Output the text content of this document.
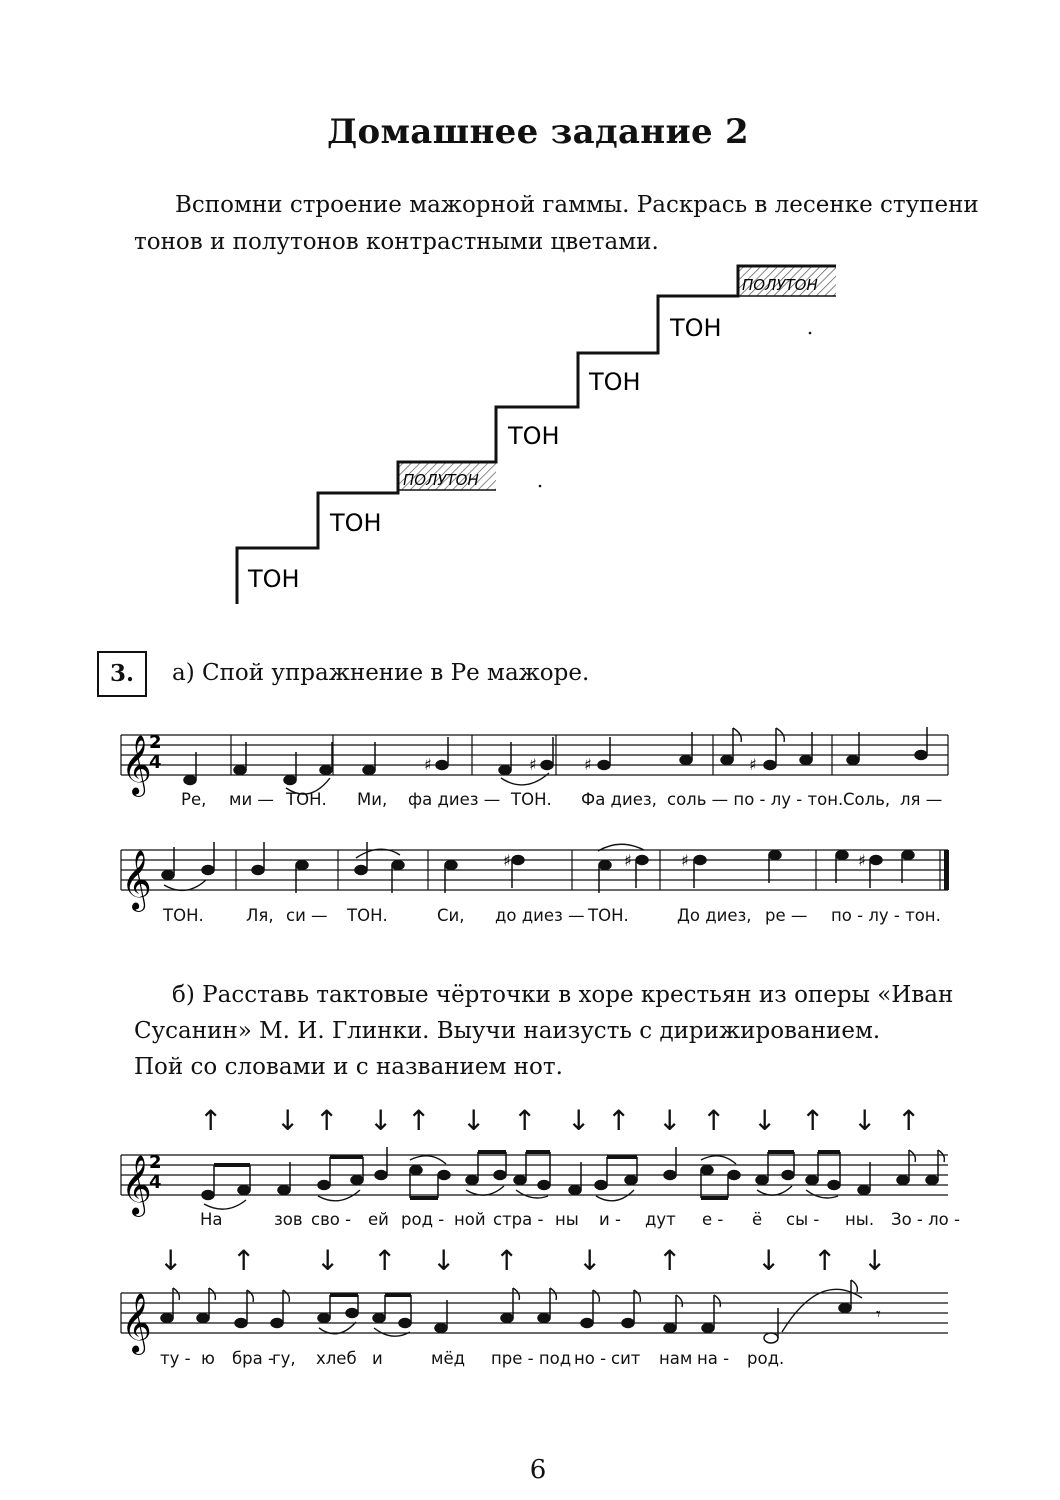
Домашнее задание 2
Вспомни строение мажорной гаммы. Раскрась в лесенке ступени
тонов и полутонов контрастными цветами.
ТОН
ТОН
ПОЛУТОН
ТОН
ТОН
ТОН
ПОЛУТОН
3.	а) Спой упражнение в Ре мажоре.
𝄞
2
4	♯	♯	♯	♯
Ре, ми — ТОН. Ми, фа диез — ТОН. Фа диез, соль — по - лу - тон. Соль, ля —
𝄞	♯	♯	♯	♯
ТОН.	Ля, си — ТОН.	Си, до диез — ТОН.	До диез, ре — по - лу - тон.
б) Расставь тактовые чёрточки в хоре крестьян из оперы «Иван
Сусанин» М. И. Глинки. Выучи наизусть с дирижированием.
Пой со словами и с названием нот.
↑ ↓ ↑ ↓ ↑ ↓ ↑ ↓ ↑ ↓ ↑ ↓ ↑ ↓ ↑
𝄞
2
4
На	зов сво - ей род - ной стра - ны и - дут е - ё сы - ны. Зо - ло -
↓ ↑ ↓ ↑ ↓ ↑ ↓ ↑	↓ ↑ ↓
𝄞	𝄾
ту - ю бра -
гу, хлеб и	мёд пре - под -
но - сит нам на - род.
6
